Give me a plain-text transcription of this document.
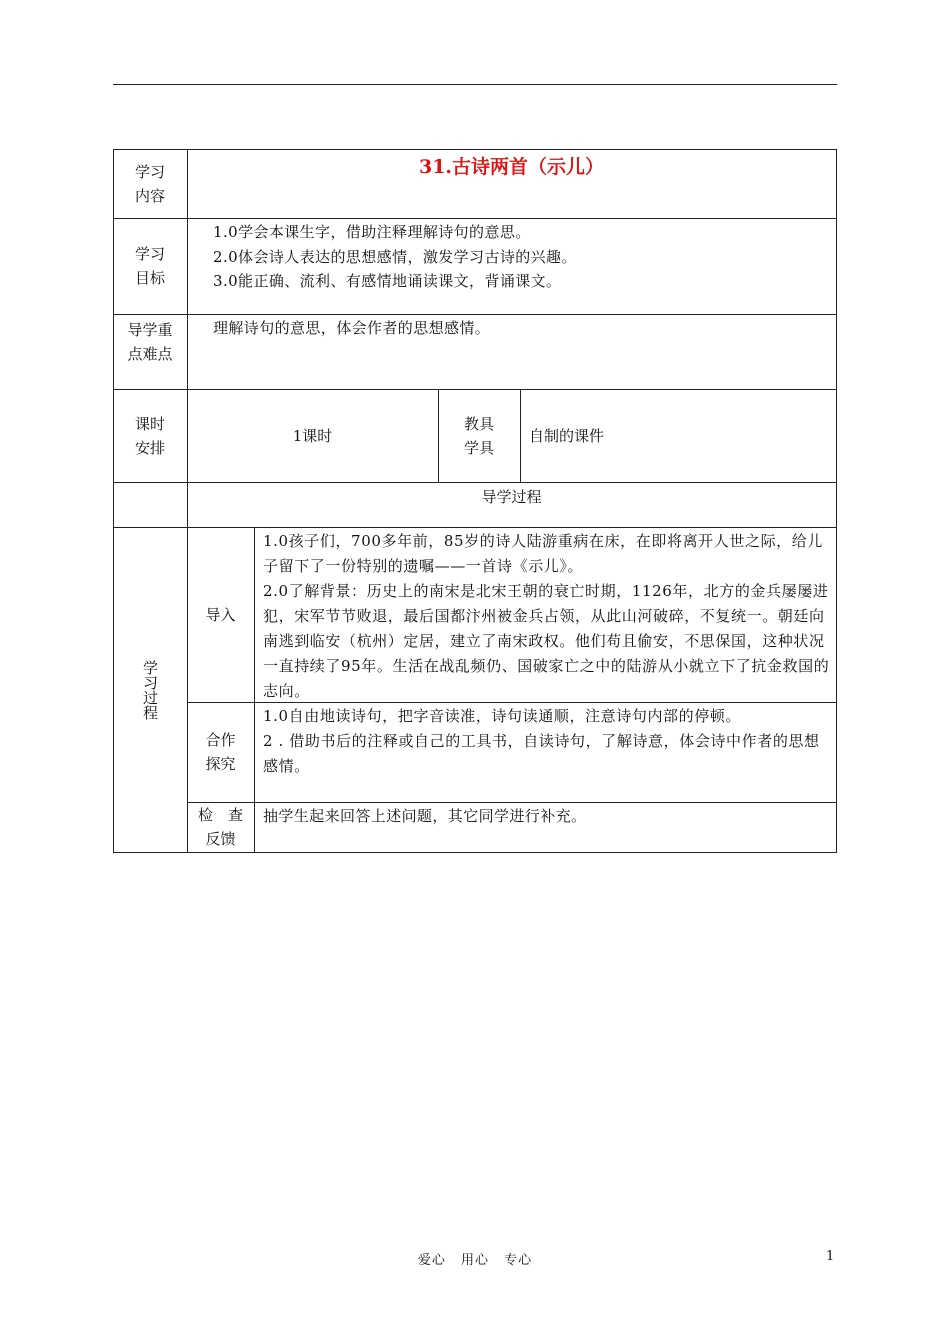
学习
内容
31.古诗两首（示儿）
学习
目标

1.0学会本课生字，借助注释理解诗句的意思。

2.0体会诗人表达的思想感情，激发学习古诗的兴趣。

3.0能正确、流利、有感情地诵读课文，背诵课文。

导学重
点难点
理解诗句的意思，体会作者的思想感情。
课时
安排
1课时
教具
学具
自制的课件
导学过程
学习过程
导入

1.0孩子们，700多年前，85岁的诗人陆游重病在床，在即将离开人世之际，给儿子留下了一份特别的遗嘱——一首诗《示儿》。

2.0了解背景：历史上的南宋是北宋王朝的衰亡时期，1126年，北方的金兵屡屡进犯，宋军节节败退，最后国都汴州被金兵占领，从此山河破碎，不复统一。朝廷向南逃到临安（杭州）定居，建立了南宋政权。他们苟且偷安，不思保国，这种状况一直持续了95年。生活在战乱频仍、国破家亡之中的陆游从小就立下了抗金救国的志向。

合作
探究

1.0自由地读诗句，把字音读准，诗句读通顺，注意诗句内部的停顿。

2 . 借助书后的注释或自己的工具书，自读诗句，了解诗意，体会诗中作者的思想感情。

检　查
反馈
抽学生起来回答上述问题，其它同学进行补充。
爱心 用心 专心	1
